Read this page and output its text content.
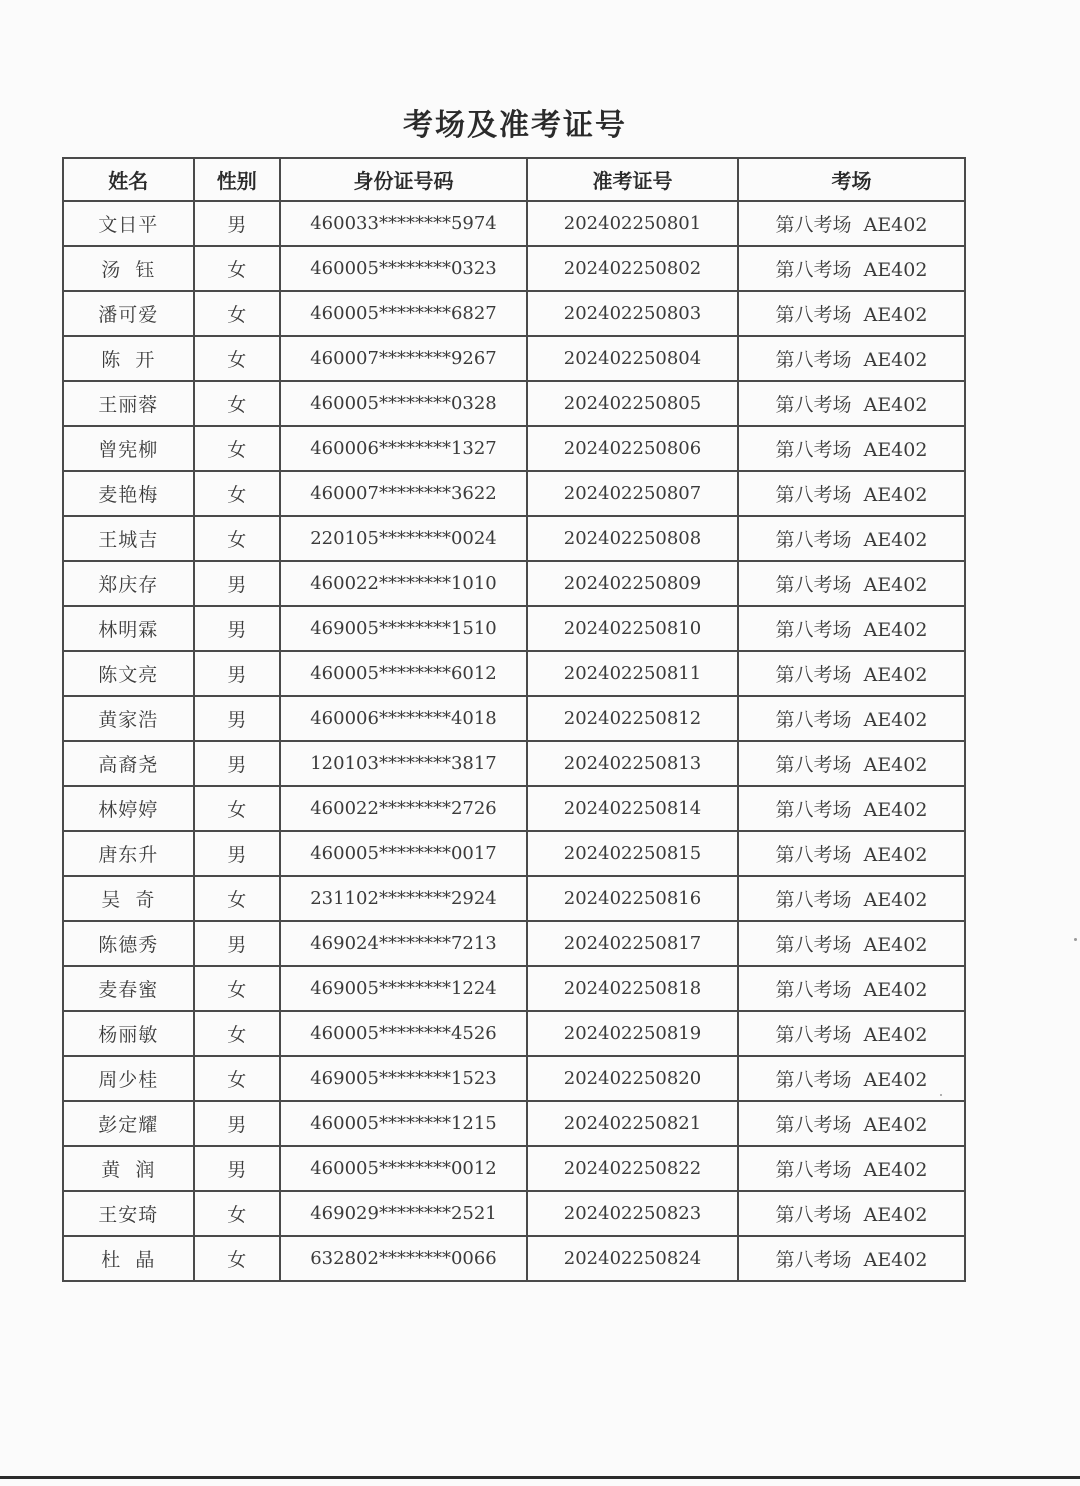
考场及准考证号
姓名	性别	身份证号码	准考证号	考场
文日平	男	460033********5974	202402250801	第八考场  AE402
汤  钰	女	460005********0323	202402250802	第八考场  AE402
潘可爱	女	460005********6827	202402250803	第八考场  AE402
陈  开	女	460007********9267	202402250804	第八考场  AE402
王丽蓉	女	460005********0328	202402250805	第八考场  AE402
曾宪柳	女	460006********1327	202402250806	第八考场  AE402
麦艳梅	女	460007********3622	202402250807	第八考场  AE402
王城吉	女	220105********0024	202402250808	第八考场  AE402
郑庆存	男	460022********1010	202402250809	第八考场  AE402
林明霖	男	469005********1510	202402250810	第八考场  AE402
陈文亮	男	460005********6012	202402250811	第八考场  AE402
黄家浩	男	460006********4018	202402250812	第八考场  AE402
高裔尧	男	120103********3817	202402250813	第八考场  AE402
林婷婷	女	460022********2726	202402250814	第八考场  AE402
唐东升	男	460005********0017	202402250815	第八考场  AE402
吴  奇	女	231102********2924	202402250816	第八考场  AE402
陈德秀	男	469024********7213	202402250817	第八考场  AE402
麦春蜜	女	469005********1224	202402250818	第八考场  AE402
杨丽敏	女	460005********4526	202402250819	第八考场  AE402
周少桂	女	469005********1523	202402250820	第八考场  AE402
彭定耀	男	460005********1215	202402250821	第八考场  AE402
黄  润	男	460005********0012	202402250822	第八考场  AE402
王安琦	女	469029********2521	202402250823	第八考场  AE402
杜  晶	女	632802********0066	202402250824	第八考场  AE402
